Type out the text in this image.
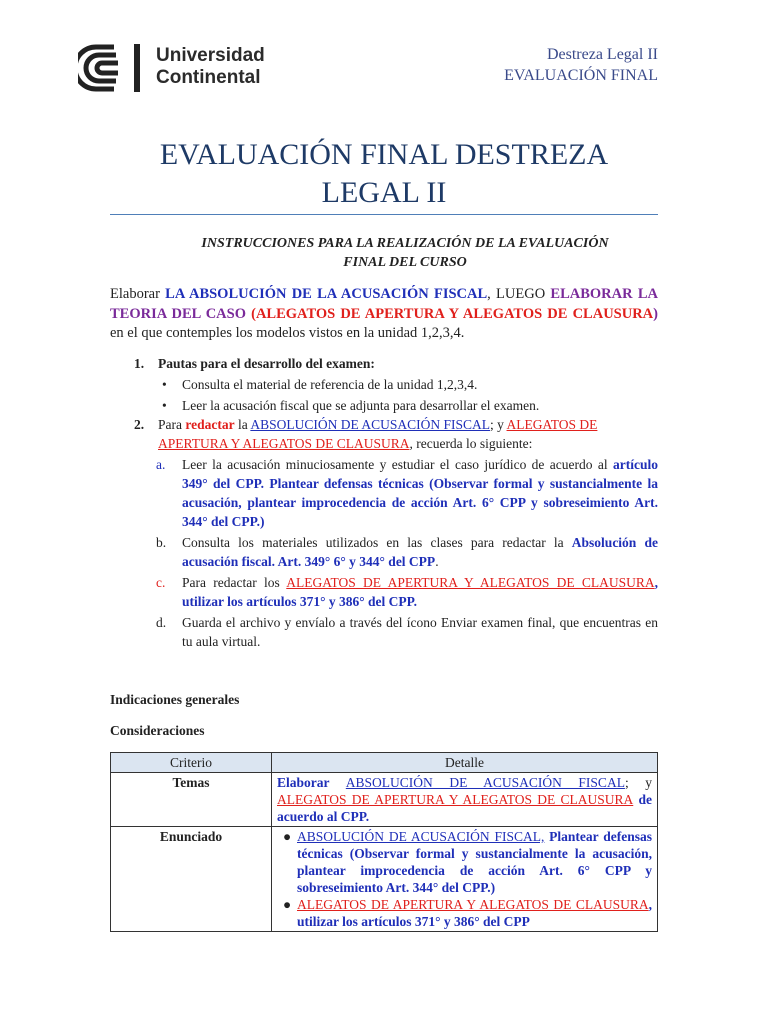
Universidad
Continental
Destreza Legal II
EVALUACIÓN FINAL
EVALUACIÓN FINAL DESTREZA
LEGAL II
INSTRUCCIONES PARA LA REALIZACIÓN DE LA EVALUACIÓN
FINAL DEL CURSO
Elaborar LA ABSOLUCIÓN DE LA ACUSACIÓN FISCAL, LUEGO ELABORAR LA TEORIA DEL CASO (ALEGATOS DE APERTURA Y ALEGATOS DE CLAUSURA) en el que contemples los modelos vistos en la unidad 1,2,3,4.
1. Pautas para el desarrollo del examen:
• Consulta el material de referencia de la unidad 1,2,3,4.
• Leer la acusación fiscal que se adjunta para desarrollar el examen.
2. Para redactar la ABSOLUCIÓN DE ACUSACIÓN FISCAL; y ALEGATOS DE APERTURA Y ALEGATOS DE CLAUSURA, recuerda lo siguiente:
a. Leer la acusación minuciosamente y estudiar el caso jurídico de acuerdo al artículo 349° del CPP. Plantear defensas técnicas (Observar formal y sustancialmente la acusación, plantear improcedencia de acción Art. 6° CPP y sobreseimiento Art. 344° del CPP.)
b. Consulta los materiales utilizados en las clases para redactar la Absolución de acusación fiscal. Art. 349° 6° y 344° del CPP.
c. Para redactar los ALEGATOS DE APERTURA Y ALEGATOS DE CLAUSURA, utilizar los artículos 371° y 386° del CPP.
d. Guarda el archivo y envíalo a través del ícono Enviar examen final, que encuentras en tu aula virtual.
Indicaciones generales
Consideraciones
Criterio	Detalle
Temas	Elaborar ABSOLUCIÓN DE ACUSACIÓN FISCAL; y ALEGATOS DE APERTURA Y ALEGATOS DE CLAUSURA de acuerdo al CPP.
Enunciado	● ABSOLUCIÓN DE ACUSACIÓN FISCAL, Plantear defensas técnicas (Observar formal y sustancialmente la acusación, plantear improcedencia de acción Art. 6° CPP y sobreseimiento Art. 344° del CPP.)
● ALEGATOS DE APERTURA Y ALEGATOS DE CLAUSURA, utilizar los artículos 371° y 386° del CPP
